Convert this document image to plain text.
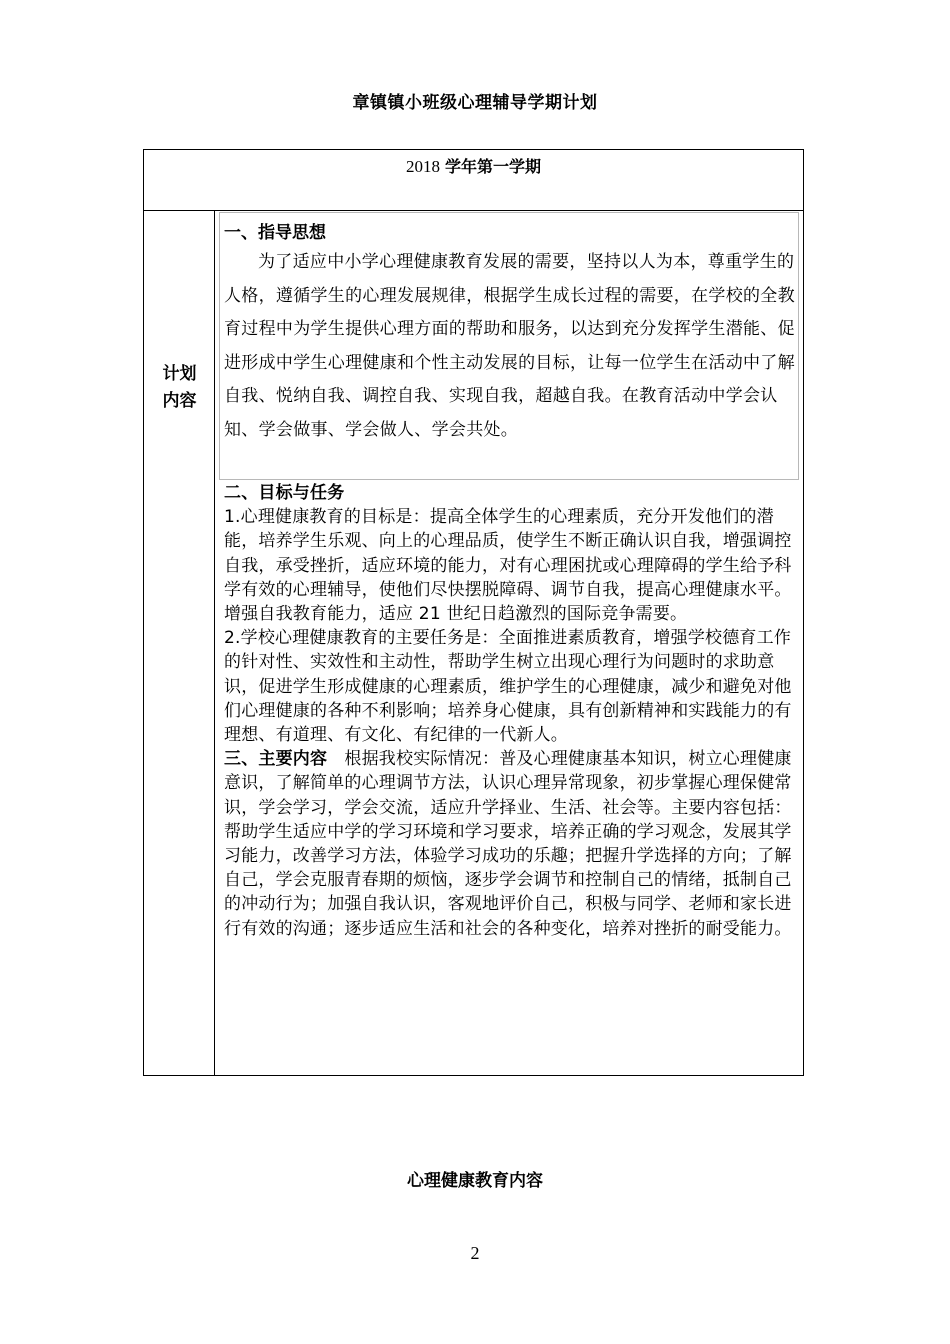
章镇镇小班级心理辅导学期计划
2018 学年第一学期
计划
内容
一、指导思想
为了适应中小学心理健康教育发展的需要，坚持以人为本，尊重学生的人格，遵循学生的心理发展规律，根据学生成长过程的需要，在学校的全教育过程中为学生提供心理方面的帮助和服务，以达到充分发挥学生潜能、促进形成中学生心理健康和个性主动发展的目标，让每一位学生在活动中了解自我、悦纳自我、调控自我、实现自我，超越自我。在教育活动中学会认知、学会做事、学会做人、学会共处。
二、目标与任务
1.心理健康教育的目标是：提高全体学生的心理素质，充分开发他们的潜能，培养学生乐观、向上的心理品质，使学生不断正确认识自我，增强调控自我，承受挫折，适应环境的能力，对有心理困扰或心理障碍的学生给予科学有效的心理辅导，使他们尽快摆脱障碍、调节自我，提高心理健康水平。增强自我教育能力，适应 21 世纪日趋激烈的国际竞争需要。
2.学校心理健康教育的主要任务是：全面推进素质教育，增强学校德育工作的针对性、实效性和主动性，帮助学生树立出现心理行为问题时的求助意识，促进学生形成健康的心理素质，维护学生的心理健康，减少和避免对他们心理健康的各种不利影响；培养身心健康，具有创新精神和实践能力的有理想、有道理、有文化、有纪律的一代新人。
三、主要内容　 根据我校实际情况：普及心理健康基本知识，树立心理健康意识，了解简单的心理调节方法，认识心理异常现象，初步掌握心理保健常识，学会学习，学会交流，适应升学择业、生活、社会等。主要内容包括：帮助学生适应中学的学习环境和学习要求，培养正确的学习观念，发展其学习能力，改善学习方法，体验学习成功的乐趣；把握升学选择的方向；了解自己，学会克服青春期的烦恼，逐步学会调节和控制自己的情绪，抵制自己的冲动行为；加强自我认识，客观地评价自己，积极与同学、老师和家长进行有效的沟通；逐步适应生活和社会的各种变化，培养对挫折的耐受能力。
心理健康教育内容
2
